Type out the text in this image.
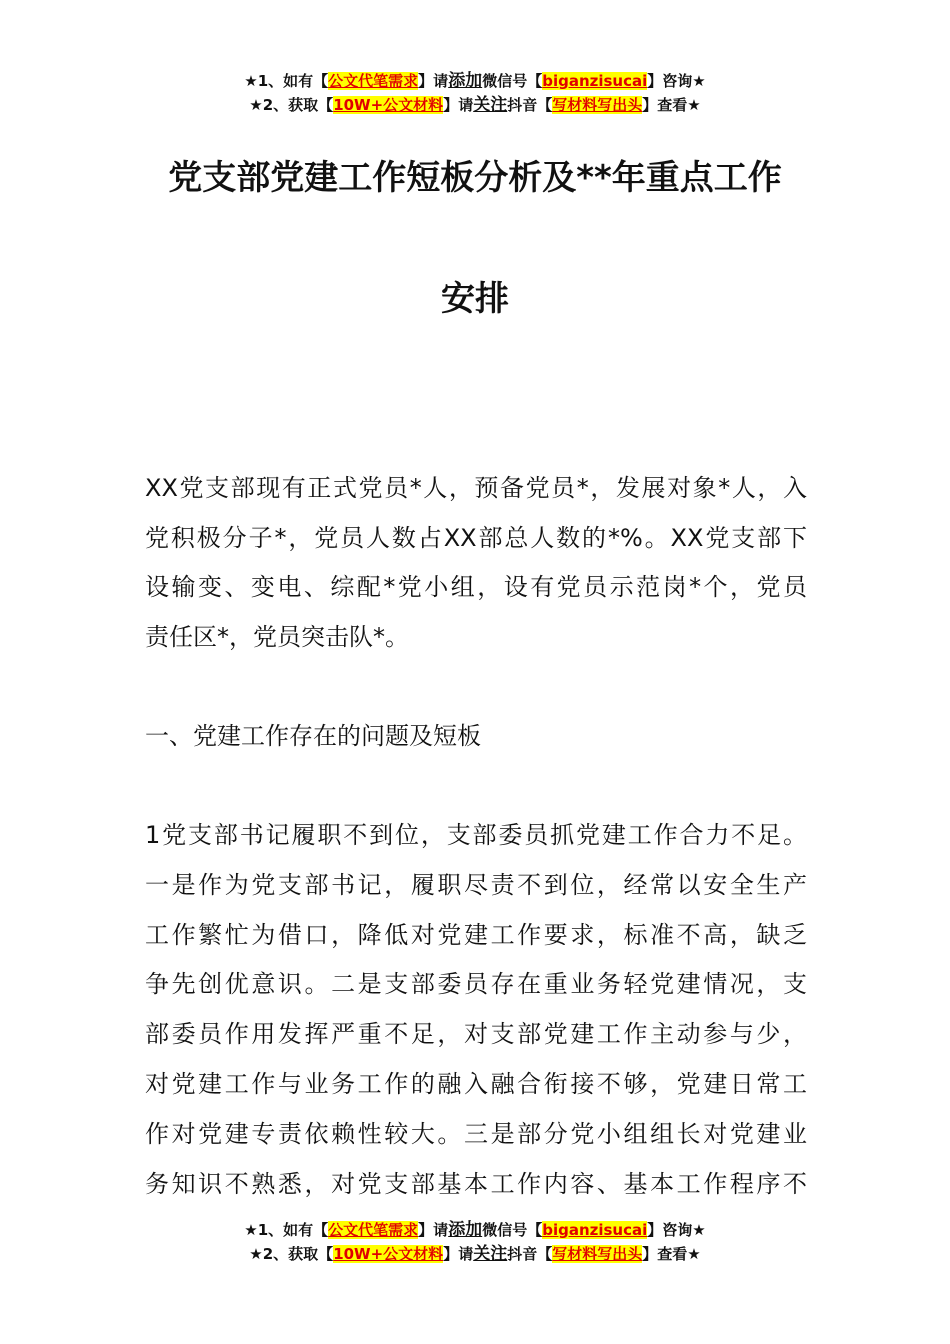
★1、如有【公文代笔需求】请添加微信号【biganzisucai】咨询★
★2、获取【10W+公文材料】请关注抖音【写材料写出头】查看★
党支部党建工作短板分析及**年重点工作
安排
XX党支部现有正式党员*人，预备党员*，发展对象*人，入
党积极分子*，党员人数占XX部总人数的*%。XX党支部下
设输变、变电、综配*党小组，设有党员示范岗*个，党员
责任区*，党员突击队*。
一、党建工作存在的问题及短板
1党支部书记履职不到位，支部委员抓党建工作合力不足。
一是作为党支部书记，履职尽责不到位，经常以安全生产
工作繁忙为借口，降低对党建工作要求，标准不高，缺乏
争先创优意识。二是支部委员存在重业务轻党建情况，支
部委员作用发挥严重不足，对支部党建工作主动参与少，
对党建工作与业务工作的融入融合衔接不够，党建日常工
作对党建专责依赖性较大。三是部分党小组组长对党建业
务知识不熟悉，对党支部基本工作内容、基本工作程序不
★1、如有【公文代笔需求】请添加微信号【biganzisucai】咨询★
★2、获取【10W+公文材料】请关注抖音【写材料写出头】查看★
